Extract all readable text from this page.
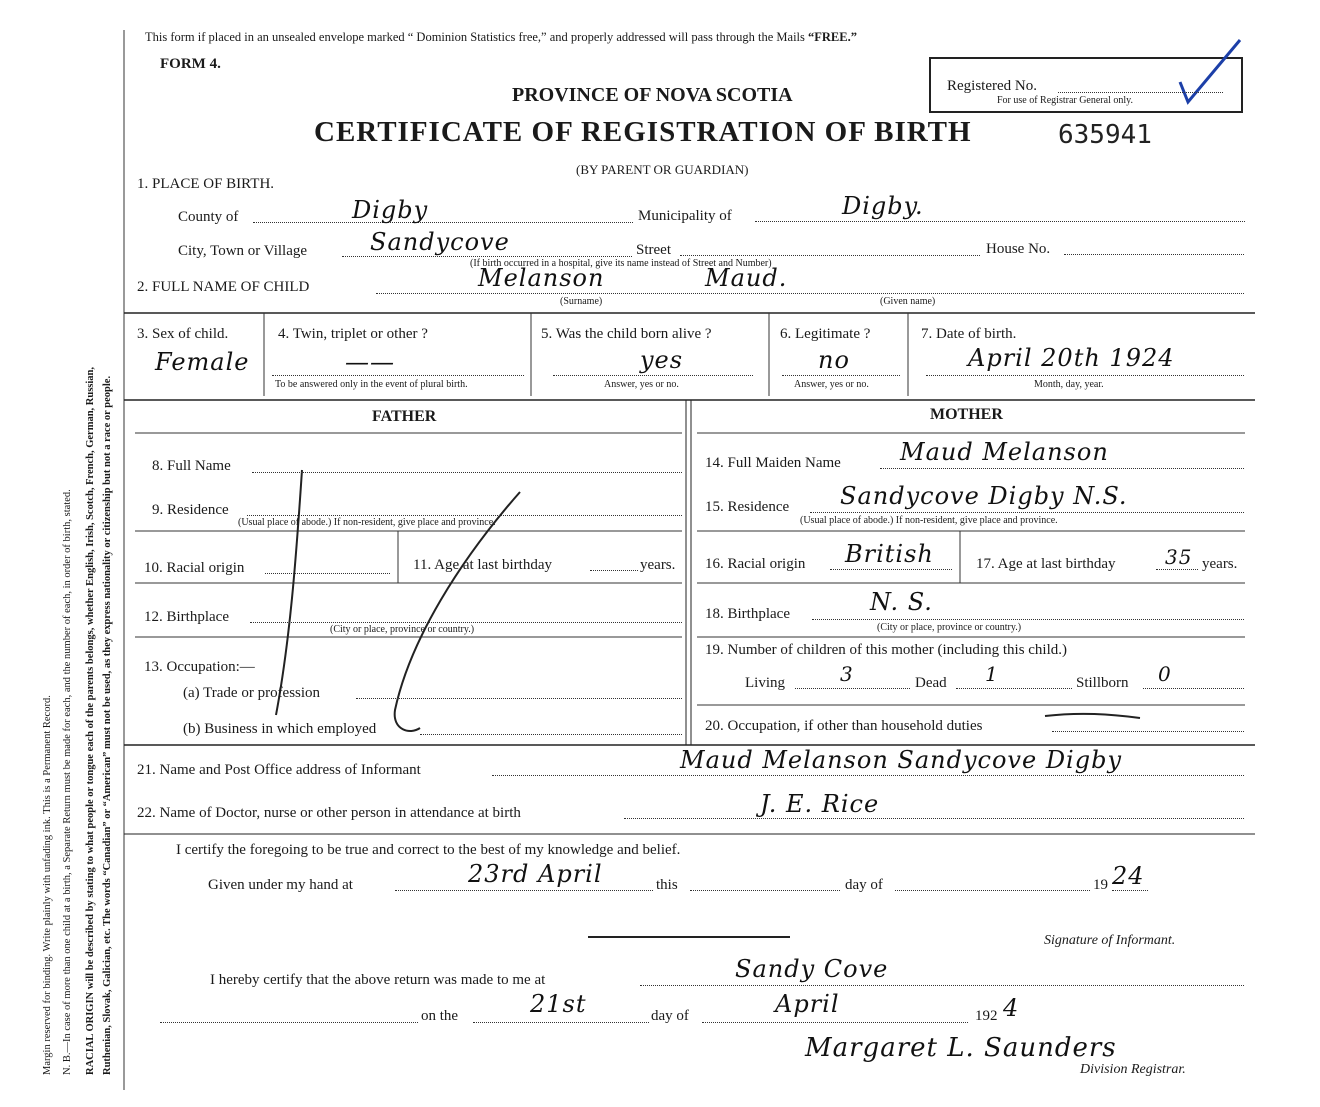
Margin reserved for binding. Write plainly with unfading ink. This is a Permanent Record. N. B.—In case of more than one child at a birth, a Separate Return must be made for each, and the number of each, in order of birth, stated. RACIAL ORIGIN will be described by stating to what people or tongue each of the parents belongs, whether English, Irish, Scotch, French, German, Russian, Ruthenian, Slovak, Galician, etc. The words “Canadian” or “American” must not be used, as they express nationality or citizenship but not a race or people.
This form if placed in an unsealed envelope marked “ Dominion Statistics free,” and properly addressed will pass through the Mails “FREE.”
FORM 4.
Registered No.
For use of Registrar General only.
PROVINCE OF NOVA SCOTIA
CERTIFICATE OF REGISTRATION OF BIRTH	635941
(BY PARENT OR GUARDIAN)
1. PLACE OF BIRTH.
County of	Digby	Municipality of	Digby.
City, Town or Village	Sandycove	Street	House No.
(If birth occurred in a hospital, give its name instead of Street and Number)
2. FULL NAME OF CHILD	Melanson	Maud.
(Surname)	(Given name)
3. Sex of child.
Female
4. Twin, triplet or other ?
——
To be answered only in the event of plural birth.
5. Was the child born alive ?
yes
Answer, yes or no.
6. Legitimate ?
no
Answer, yes or no.
7. Date of birth.
April 20th 1924
Month, day, year.
FATHER
8. Full Name
9. Residence
(Usual place of abode.) If non-resident, give place and province.
10. Racial origin	11. Age at last birthday	years.
12. Birthplace
(City or place, province or country.)
13. Occupation:—
(a) Trade or profession
(b) Business in which employed
MOTHER
14. Full Maiden Name Maud Melanson
15. Residence Sandycove Digby N.S.
(Usual place of abode.) If non-resident, give place and province.
16. Racial origin British	17. Age at last birthday 35 years.
18. Birthplace	N. S.
(City or place, province or country.)
19. Number of children of this mother (including this child.)
Living	3	Dead 1	Stillborn 0
20. Occupation, if other than household duties
21. Name and Post Office address of Informant	Maud Melanson Sandycove Digby
22. Name of Doctor, nurse or other person in attendance at birth	J. E. Rice
I certify the foregoing to be true and correct to the best of my knowledge and belief.
Given under my hand at	23rd April	this	day of	19 24
Signature of Informant.
I hereby certify that the above return was made to me at	Sandy Cove
on the	21st	day of	April	192 4
Margaret L. Saunders
Division Registrar.
